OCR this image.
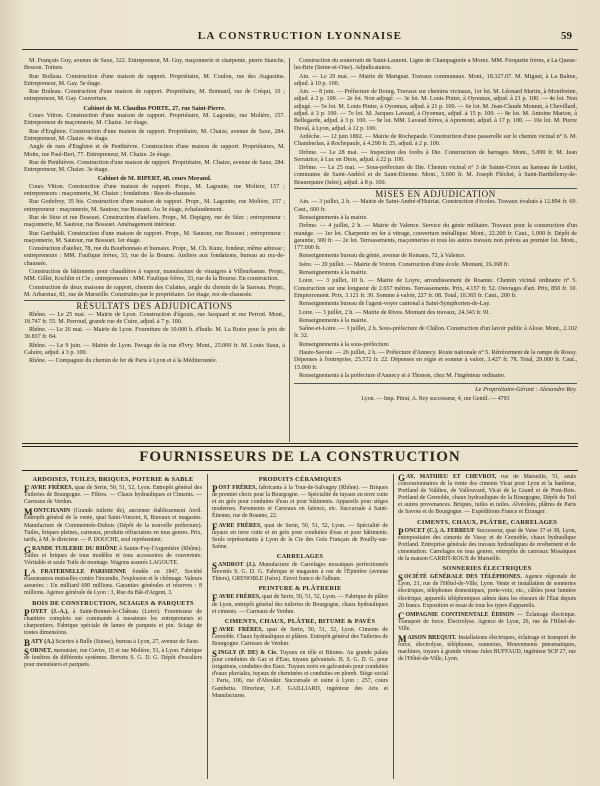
LA CONSTRUCTION LYONNAISE	59

M. François Guy, avenue de Saxe, 322. Entrepreneur, M. Guy, maçonnerie et charpente, pierre blanche, Besson. Toiture.

Rue Boileau. Construction d'une maison de rapport. Propriétaire, M. Coulon, rue des Augustins. Entrepreneur, M. Gay. 5e étage.

Rue Boileau. Construction d'une maison de rapport. Propriétaire, M. Bonnard, rue de Créqui, 10 ; entrepreneur, M. Gay. Couverture.

Cabinet de M. Claudius PORTE, 27, rue Saint-Pierre.

Cours Vitton. Construction d'une maison de rapport. Propriétaire, M. Lagoutte, rue Molière, 157. Entrepreneur de maçonnerie, M. Chaize. 1er étage.

Rue d'Enghien. Construction d'une maison de rapport. Propriétaire, M. Chaize, avenue de Saxe, 284. Entrepreneur, M. Chaize. 4e étage.

Angle de rues d'Enghien et de Penthièvre. Construction d'une maison de rapport. Propriétaires, M. Motte, rue Paul-Bert, 77. Entrepreneur, M. Chaize. 2e étage.

Rue de Penthièvre. Construction d'une maison de rapport. Propriétaire, M. Chaize, avenue de Saxe, 284. Entrepreneur, M. Chaize. 3e étage.

Cabinet de M. RIPERT, 48, cours Morand.

Cours Vitton. Construction d'une maison de rapport. Propr., M. Lagoutte, rue Molière, 157 ; entrepreneurs : maçonnerie, M. Chaize ; fondations : Rez-de-chaussée.

Rue Godefroy, 35 bis. Construction d'une maison de rapport. Propr., M. Lagoutte, rue Molière, 157 ; entrepreneur : maçonnerie, M. Sautour, rue Bossuet. Au 3e étage, échafaudement.

Rue de Sèze et rue Bossuet. Construction d'ateliers. Propr., M. Depigny, rue de Sèze ; entrepreneur : maçonnerie, M. Sautour, rue Bossuet. Aménagement intérieur.

Rue Garibaldi. Construction d'une maison de rapport. Propr., M. Sautour, rue Bossuet ; entrepreneur : maçonnerie, M. Sautour, rue Bossuet. 1er étage.

Construction d'atelier, 78, rue du Bourbonnais et bureaux. Propr., M. Ch. Kunz, fondeur, même adresse ; entrepreneurs : MM. Faufique frères, 33, rue de la Bourse. Ateliers aux fondations, bureau au rez-de-chaussée.

Construction de bâtiments pour chaudières à vapeur, manufacture de vinaigres à Villeurbanne. Propr., MM. Gillet, Kochlin et Cie ; entrepreneurs : MM. Faufique frères, 33, rue de la Bourse. En construction.

Construction de deux maisons de rapport, chemin des Culattes, angle du chemin de la Sarreau. Propr., M. Arbaretaz, 81, rue de Marseille. Construites par le propriétaire. 1er étage, rez-de-chaussée.

RÉSULTATS DES ADJUDICATIONS

Rhône. — Le 25 mai. — Mairie de Lyon. Construction d'égouts, rue Jacquard et rue Perrod. Mont., 18.747 fr. 55. M. Perroud, grande rue de Cuire, adjud. à 7 p. 100.

Rhône. — Le 26 mai. — Mairie de Lyon. Fourniture de 10.000 h. d'huile. M. La Boire pour le prix de 30.837 fr. 84.

Rhône. — Le 9 juin. — Mairie de Lyon. Pavage de la rue d'Ivry. Mont., 25.000 fr. M. Louis Staut, à Caluire, adjud. à 3 p. 100.

Rhône. — Compagnie du chemin de fer de Paris à Lyon et à la Méditerranée.

Construction du souterrain de Saint-Laurent. Ligne de Champagnole à Morez. MM. Forquette frères, à La Queue-les-Brie (Seine-et-Oise). Adjudicataires.

Ain. — Le 29 mai. — Mairie de Marignat. Travaux communaux. Mont., 18.327.07. M. Miguet, à La Balme, adjud. à 10 p. 100.

Ain. — 8 juin. — Préfecture de Bourg. Travaux sur chemins vicinaux, 1er lot. M. Léonard Martin, à Montfreine, adjud. à 2 p. 100. — 2e lot. Non adjugé. — 3e lot. M. Louis Pinier, à Oyonnax, adjud. à 21 p. 100. — 4e lot. Non adjugé. — 5e lot. M. Louis Pinier, à Oyonnax, adjud. à 21 p. 100. — 6e lot. M. Jean-Claude Monnet, à Chevillard, adjud. à 3 p. 100. — 7e lot. M. Jacques Lavaud, à Oyonnax, adjud. à 15 p. 100. — 8e lot. M. Antoine Marion, à Bellegarde, adjud. à 3 p. 100. — 9e lot. MM. Lavaud frères, à Apremont, adjud. à 17 p. 100. — 10e lot. M. Pierre Duval, à Lyon, adjud. à 12 p. 100.

Ardèche. — 12 juin 1892. — Mairie de Rochepaule. Construction d'une passerelle sur le chemin vicinal n° 6. M. Chamberlan, à Rochepaule, à 4.290 fr. 25, adjud. à 2 p. 100.

Drôme. — Le 28 mai. — Inspection des forêts à Die. Construction de barrages. Mont., 5.890 fr. M. Jean Serratrice, à Luc en Diois, adjud. à 22 p. 100.

Drôme. — Le 25 mai. — Sous-préfecture de Die. Chemin vicinal n° 3 de Sainte-Croix au hameau de Loület, communes de Saint-Andéol et de Saint-Etienne. Mont., 5.690 fr. M. Joseph Fléchet, à Saint-Barthélemy-de-Beaurepaire (Isère), adjud. à 8 p. 100.

MISES EN ADJUDICATION

Ain. — 3 juillet, 2 h. — Mairie de Saint-André-d'Huiriat. Construction d'écoles. Travaux évalués à 12.894 fr. 69. Caut., 600 fr.

Renseignements à la mairie.

Drôme. — 4 juillet, 2 h. — Mairie de Valence. Service du génie militaire. Travaux pour la construction d'un manège. — 1er lot. Charpente en fer à vitrage, couverture métallique. Mont., 22.200 fr. Caut., 1.000 fr. Dépôt de garantie, 300 fr. — 2e lot. Terrassements, maçonneries et tous les autres travaux non prévus au premier lot. Mont., 177.000 fr.

Renseignements bureau du génie, avenue de Romans, 72, à Valence.

Isère. — 20 juillet. — Mairie de Voiron. Construction d'une école. Montant, 16.368 fr.

Renseignements à la mairie.

Loire. — 3 juillet, 10 h. — Mairie de Loyre, arrondissement de Roanne. Chemin vicinal ordinaire n° 5. Construction sur une longueur de 2.657 mètres. Terrassements. Prix, 4.157 fr. 52. Ouvrages d'art. Prix, 850 fr. 10. Empierrement. Prix, 3.121 fr. 30. Somme à valoir, 227 fr. 08. Total, 10.365 fr. Caut., 200 fr.

Renseignements bureau de l'agent-voyer cantonal à Saint-Symphorien-de-Lay.

Loire. — 3 juillet, 2 h. — Mairie de Rives. Montant des travaux, 24.343 fr. 91.

Renseignements à la mairie.

Saône-et-Loire. — 3 juillet, 2 h. Sous-préfecture de Châlon. Construction d'un lavoir public à Alose. Mont., 2.102 fr. 32.

Renseignements à la sous-préfecture.

Haute-Savoie. — 26 juillet, 2 h. — Préfecture d'Annecy. Route nationale n° 5. Rétrécement de la rampe de Rossy. Dépenses à l'entreprise, 25.572 fr. 22. Dépenses en régie et somme à valoir, 3.427 fr. 78. Total, 29.000 fr. Caut., 15.000 fr.

Renseignements à la préfecture d'Annecy et à Thonon, chez M. l'ingénieur ordinaire.

Le Propriétaire-Gérant : Alexandre Rey.
Lyon. — Imp. Pitrat, A. Rey successeur, 4, rue Gentil. — 4793
FOURNISSEURS DE LA CONSTRUCTION
ARDOISES, TUILES, BRIQUES, POTERIE & SABLE
FAVRE FRÈRES, quai de Serin, 50, 51, 52, Lyon. Entrepôt général des Tuileries de Bourgogne. — Filtres. — Chaux hydrauliques et Ciments. — Carreaux de Verdun.
MONTCHANIN (Grande tuilerie de), ancienne établissement Avril. Entrepôt général de la vente, quai Saint-Vincent, 8, Bureaux et magasins. Manufacture de Commentrée-Dubois (Dépôt de la nouvelle préfecture). Tuiles, briques pleines, carreaux, produits réfractaires en tous genres. Prix, tarifs, à M. le directeur. — P. DOUCHE, seul représentant.
GRANDE TUILERIE DU RHÔNE à Sainte-Foy-l'Argentière (Rhône). Tuiles et briques de tous modèles et tous accessoires de couverture. Véritable et seule Tuile de montage. Wagons assurés LAGOUTE.
L A FRATERNELLE PARISIENNE fondée en 1847, Société d'assurances mutuelles contre l'incendie, l'explosion et le chômage. Valeurs assurées : Un milliard 600 millions. Garanties générales et réserves : 8 millions. Agence générale de Lyon : 3, Rue du Bât-d'Argent, 3.
BOIS DE CONSTRUCTION, SCIAGES & PARQUETS
POYET (J.-A.), à Saint-Bonnet-le-Château (Loire). Fournisseur de chantiers complets sur commande à messieurs les entrepreneurs et charpentiers. Fabrique spéciale de lames de parquets et pin. Sciage de toutes dimensions.
BATY (A.) Scieries à Bulle (Suisse), bureau à Lyon, 27, avenue de Saxe.
SORNET, menuisier, rue Cuvier, 15 et rue Molière, 53, à Lyon. Fabrique de fenêtres de différents systèmes. Brevets S. G. D. G. Dépôt d'escaliers pour menuisiers et parquets.
PRODUITS CÉRAMIQUES
POST FRÈRES, fabricants à la Tour-de-Salvagny (Rhône). — Briques de premier choix pour la Bourgogne. — Spécialité de tuyaux en terre cuite et en grès pour conduites d'eau et pour bâtiments. Appareils pour sièges modernes. Pavements et Carreaux en faïence, etc. Succursale à Saint-Étienne, rue de Roanne, 22.
FAVRE FRÈRES, quai de Serin, 50, 51, 52, Lyon. — Spécialité de tuyaux en terre cuite et en grès pour conduites d'eau et pour bâtiments. Seuls représentants à Lyon de la Cie des Grès Français de Pouilly-sur-Saône.
CARRELAGES
SANDROT (J.). Manufacture de Carrelages mosaïques perfectionnés brevetés S. G. D. G. Fabrique et magasins à rue de l'Épinière (avenue Thiers), GRENOBLE (Isère). Envoi franco de l'album.
PEINTURE & PLÂTRERIE
FAVRE FRÈRES, quai de Serin, 50, 51, 52, Lyon. — Fabrique de plâtre de Lyon, entrepôt général des tuileries de Bourgogne, chaux hydrauliques et ciments. — Carreaux de Verdun.
CIMENTS, CHAUX, PLÂTRE, BITUME & PAVÉS
FAVRE FRÈRES, quai de Serin, 50, 51, 52, Lyon. Ciments de Grenoble. Chaux hydrauliques et plâtres. Entrepôt général des Tuileries de Bourgogne. Carreaux de Verdun.
SINGLY (P. DE) & Cie. Tuyaux en tôle et Bitume. Au grande palais pour conduites de Gaz et d'Eau, tuyaux galvanisés. B. S. G. D. G. pour irrigations, conduites des Eaux. Tuyaux noirs en galvanisés pour conduites d'eaux pluviales, tuyaux de cheminées et conduites en plomb. Siège social : Paris, 106, rue d'Aboukir. Succursale et usine à Lyon : 257, cours Gambetta. Directeur, J.-E. GAILLIARD, ingénieur des Arts et Manufactures.
GAY, MATHIEU ET CHEVROT, rue de Marseille, 51, seuls concessionnaires de la vente des ciments Vicat pour Lyon et la banlieue, Portland de Valdieu, de Vallouvard, Vicat de la Grand et de Pont-Bois. Portland de Grenoble, chaux hydrauliques de la Bourgogne, Dépôt du Teil et autres provenances. Briques, tuiles et tuiles. Alvéolées, plâtres de Paris de Savoie et de Bourgogne. — Expéditions France et Étranger.
CIMENTS, CHAUX, PLÂTRE, CARRELAGES
PONCET (C.), A. FERBEUF Successeur, quai de Vaise 37 et 38, Lyon, entrepositaire des ciments de Vassy et de Grenoble, chaux hydraulique Portland. Entreprise générale des travaux hydrauliques de revêtement et de cimentation. Carrelages en tous genres, entrepôts de carreaux Mosaïques de la maison CARRIT-ROUX de Marseille.
SONNERIES ÉLECTRIQUES
SOCIÉTÉ GÉNÉRALE DES TÉLÉPHONES. Agence régionale de Lyon, 21, rue de l'Hôtel-de-Ville, Lyon. Vente et installation de sonneries électriques, téléphones domestiques, porte-voix, etc., câbles pour lumière électrique, appareils téléphoniques admis dans les réseaux de l'État depuis 20 francs. Exposition et essai de tous les types d'appareils.
COMPAGNIE CONTINENTALE ÉDISON — Éclairage électrique. Transport de force. Électrolyse. Agence de Lyon, 26, rue de l'Hôtel-de-Ville.
MAISON BREQUIT. Installations électriques, éclairage et transport de force, électrolyse, téléphones, sonneries, Mouvements pneumatiques, machines, tuyaux à grande vitesse Jules BUFFAUD, ingénieur SCP 27, rue de l'Hôtel-de-Ville, Lyon.
